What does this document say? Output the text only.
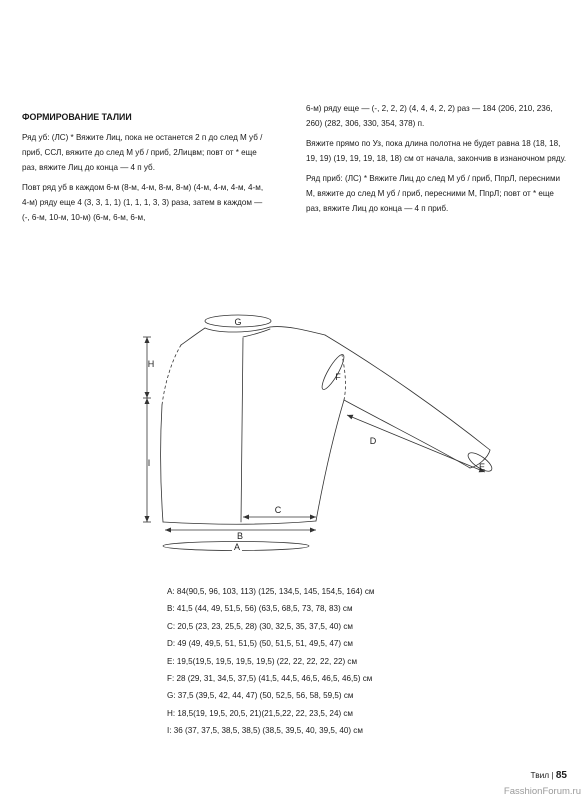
ФОРМИРОВАНИЕ ТАЛИИ

Ряд уб: (ЛС) * Вяжите Лиц, пока не останется 2 п до след М уб / приб, ССЛ, вяжите до след М уб / приб, 2Лицвм; повт от * еще раз, вяжите Лиц до конца — 4 п уб.

Повт ряд уб в каждом 6-м (8-м, 4-м, 8-м, 8-м) (4-м, 4-м, 4-м, 4-м, 4-м) ряду еще 4 (3, 3, 1, 1) (1, 1, 1, 3, 3) раза, затем в каждом — (-, 6-м, 10-м, 10-м) (6-м, 6-м, 6-м,

6-м) ряду еще — (-, 2, 2, 2) (4, 4, 4, 2, 2) раз — 184 (206, 210, 236, 260) (282, 306, 330, 354, 378) п.

Вяжите прямо по Уз, пока длина полотна не будет равна 18 (18, 18, 19, 19) (19, 19, 19, 18, 18) см от начала, закончив в изнаночном ряду.

Ряд приб: (ЛС) * Вяжите Лиц до след М уб / приб, ПпрЛ, пересними М, вяжите до след М уб / приб, пересними М, ПпрЛ; повт от * еще раз, вяжите Лиц до конца — 4 п приб.

G
A
B
C
D
E
F
H
I
A: 84(90,5, 96, 103, 113) (125, 134,5, 145, 154,5, 164) см
B: 41,5 (44, 49, 51,5, 56) (63,5, 68,5, 73, 78, 83) см
C: 20,5 (23, 23, 25,5, 28) (30, 32,5, 35, 37,5, 40) см
D: 49 (49, 49,5, 51, 51,5) (50, 51,5, 51, 49,5, 47) см
E: 19,5(19,5, 19,5, 19,5, 19,5) (22, 22, 22, 22, 22) см
F: 28 (29, 31, 34,5, 37,5) (41,5, 44,5, 46,5, 46,5, 46,5) см
G: 37,5 (39,5, 42, 44, 47) (50, 52,5, 56, 58, 59,5) см
H: 18,5(19, 19,5, 20,5, 21)(21,5,22, 22, 23,5, 24) см
I: 36 (37, 37,5, 38,5, 38,5) (38,5, 39,5, 40, 39,5, 40) см
Твил | 85
FasshionForum.ru
